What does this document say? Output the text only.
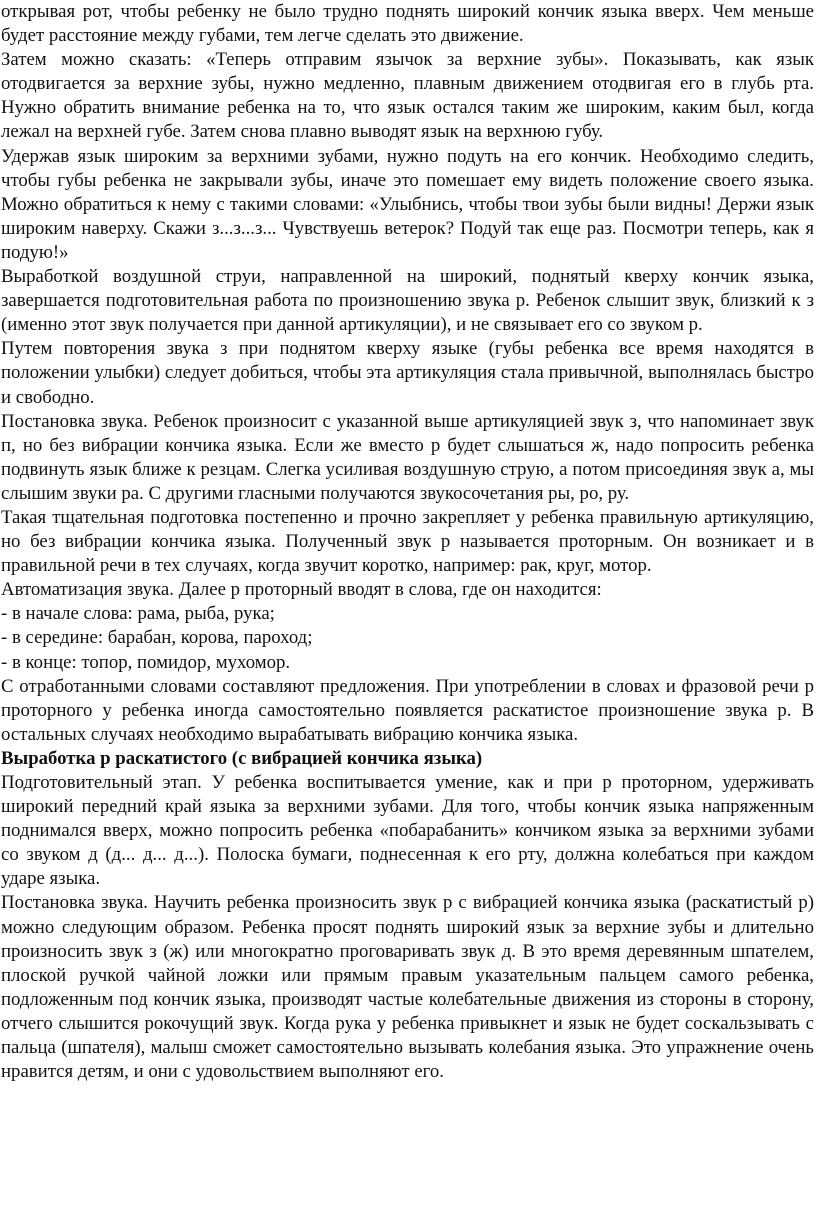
открывая рот, чтобы ребенку не было трудно поднять широкий кончик языка вверх. Чем меньше будет расстояние между губами, тем легче сделать это движение.

Затем можно сказать: «Теперь отправим язычок за верхние зубы». Показывать, как язык отодвигается за верхние зубы, нужно медленно, плавным движением отодвигая его в глубь рта. Нужно обратить внимание ребенка на то, что язык остался таким же широким, каким был, когда лежал на верхней губе. Затем снова плавно выводят язык на верхнюю губу.

Удержав язык широким за верхними зубами, нужно подуть на его кончик. Необходимо следить, чтобы губы ребенка не закрывали зубы, иначе это помешает ему видеть положение своего языка. Можно обратиться к нему с такими словами: «Улыбнись, чтобы твои зубы были видны! Держи язык широким наверху. Скажи з...з...з... Чувствуешь ветерок? Подуй так еще раз. Посмотри теперь, как я подую!»

Выработкой воздушной струи, направленной на широкий, поднятый кверху кончик языка, завершается подготовительная работа по произношению звука р. Ребенок слышит звук, близкий к з (именно этот звук получается при данной артикуляции), и не связывает его со звуком р.

Путем повторения звука з при поднятом кверху языке (губы ребенка все время находятся в положении улыбки) следует добиться, чтобы эта артикуляция стала привычной, выполнялась быстро и свободно.

Постановка звука. Ребенок произносит с указанной выше артикуляцией звук з, что напоминает звук п, но без вибрации кончика языка. Если же вместо р будет слышаться ж, надо попросить ребенка подвинуть язык ближе к резцам. Слегка усиливая воздушную струю, а потом присоединяя звук а, мы слышим звуки ра. С другими гласными получаются звукосочетания ры, ро, ру.

Такая тщательная подготовка постепенно и прочно закрепляет у ребенка правильную артикуляцию, но без вибрации кончика языка. Полученный звук р называется проторным. Он возникает и в правильной речи в тех случаях, когда звучит коротко, например: рак, круг, мотор.

Автоматизация звука. Далее р проторный вводят в слова, где он находится:

- в начале слова: рама, рыба, рука;

- в середине: барабан, корова, пароход;

- в конце: топор, помидор, мухомор.

С отработанными словами составляют предложения. При употреблении в словах и фразовой речи р проторного у ребенка иногда самостоятельно появляется раскатистое произношение звука р. В остальных случаях необходимо вырабатывать вибрацию кончика языка.

Выработка р раскатистого (с вибрацией кончика языка)

Подготовительный этап. У ребенка воспитывается умение, как и при р проторном, удерживать широкий передний край языка за верхними зубами. Для того, чтобы кончик языка напряженным поднимался вверх, можно попросить ребенка «побарабанить» кончиком языка за верхними зубами со звуком д (д... д... д...). Полоска бумаги, поднесенная к его рту, должна колебаться при каждом ударе языка.

Постановка звука. Научить ребенка произносить звук р с вибрацией кончика языка (раскатистый р) можно следующим образом. Ребенка просят поднять широкий язык за верхние зубы и длительно произносить звук з (ж) или многократно проговаривать звук д. В это время деревянным шпателем, плоской ручкой чайной ложки или прямым правым указательным пальцем самого ребенка, подложенным под кончик языка, производят частые колебательные движения из стороны в сторону, отчего слышится рокочущий звук. Когда рука у ребенка привыкнет и язык не будет соскальзывать с пальца (шпателя), малыш сможет самостоятельно вызывать колебания языка. Это упражнение очень нравится детям, и они с удовольствием выполняют его.
